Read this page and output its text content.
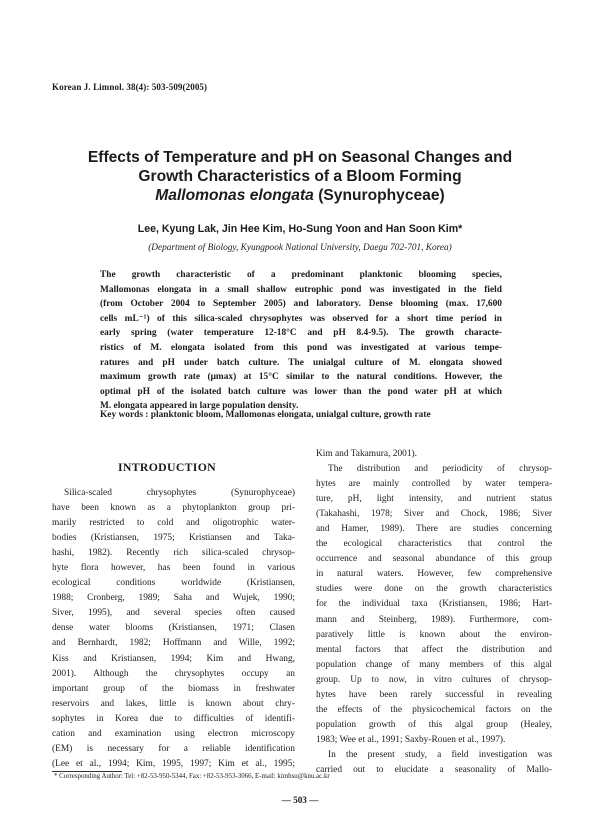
Korean J. Limnol. 38(4): 503-509(2005)
Effects of Temperature and pH on Seasonal Changes and
Growth Characteristics of a Bloom Forming
Mallomonas elongata (Synurophyceae)
Lee, Kyung Lak, Jin Hee Kim, Ho-Sung Yoon and Han Soon Kim*
(Department of Biology, Kyungpook National University, Daegu 702-701, Korea)
The growth characteristic of a predominant planktonic blooming species,
Mallomonas elongata in a small shallow eutrophic pond was investigated in the field
(from October 2004 to September 2005) and laboratory. Dense blooming (max. 17,600
cells mL⁻¹) of this silica-scaled chrysophytes was observed for a short time period in
early spring (water temperature 12-18°C and pH 8.4-9.5). The growth characte-
ristics of M. elongata isolated from this pond was investigated at various tempe-
ratures and pH under batch culture. The unialgal culture of M. elongata showed
maximum growth rate (μmax) at 15°C similar to the natural conditions. However, the
optimal pH of the isolated batch culture was lower than the pond water pH at which
M. elongata appeared in large population density.
Key words : planktonic bloom, Mallomonas elongata, unialgal culture, growth rate
INTRODUCTION
Silica-scaled chrysophytes (Synurophyceae)
have been known as a phytoplankton group pri-
marily restricted to cold and oligotrophic water-
bodies (Kristiansen, 1975; Kristiansen and Taka-
hashi, 1982). Recently rich silica-scaled chrysop-
hyte flora however, has been found in various
ecological conditions worldwide (Kristiansen,
1988; Cronberg, 1989; Saha and Wujek, 1990;
Siver, 1995), and several species often caused
dense water blooms (Kristiansen, 1971; Clasen
and Bernhardt, 1982; Hoffmann and Wille, 1992;
Kiss and Kristiansen, 1994; Kim and Hwang,
2001). Although the chrysophytes occupy an
important group of the biomass in freshwater
reservoirs and lakes, little is known about chry-
sophytes in Korea due to difficulties of identifi-
cation and examination using electron microscopy
(EM) is necessary for a reliable identification
(Lee et al., 1994; Kim, 1995, 1997; Kim et al., 1995;
Kim and Takamura, 2001).
The distribution and periodicity of chrysop-
hytes are mainly controlled by water tempera-
ture, pH, light intensity, and nutrient status
(Takahashi, 1978; Siver and Chock, 1986; Siver
and Hamer, 1989). There are studies concerning
the ecological characteristics that control the
occurrence and seasonal abundance of this group
in natural waters. However, few comprehensive
studies were done on the growth characteristics
for the individual taxa (Kristiansen, 1986; Hart-
mann and Steinberg, 1989). Furthermore, com-
paratively little is known about the environ-
mental factors that affect the distribution and
population change of many members of this algal
group. Up to now, in vitro cultures of chrysop-
hytes have been rarely successful in revealing
the effects of the physicochemical factors on the
population growth of this algal group (Healey,
1983; Wee et al., 1991; Saxby-Rouen et al., 1997).
In the present study, a field investigation was
carried out to elucidate a seasonality of Mallo-
* Corresponding Author: Tel: +82-53-950-5344, Fax: +82-53-953-3066, E-mail: kimhsu@knu.ac.kr
— 503 —
